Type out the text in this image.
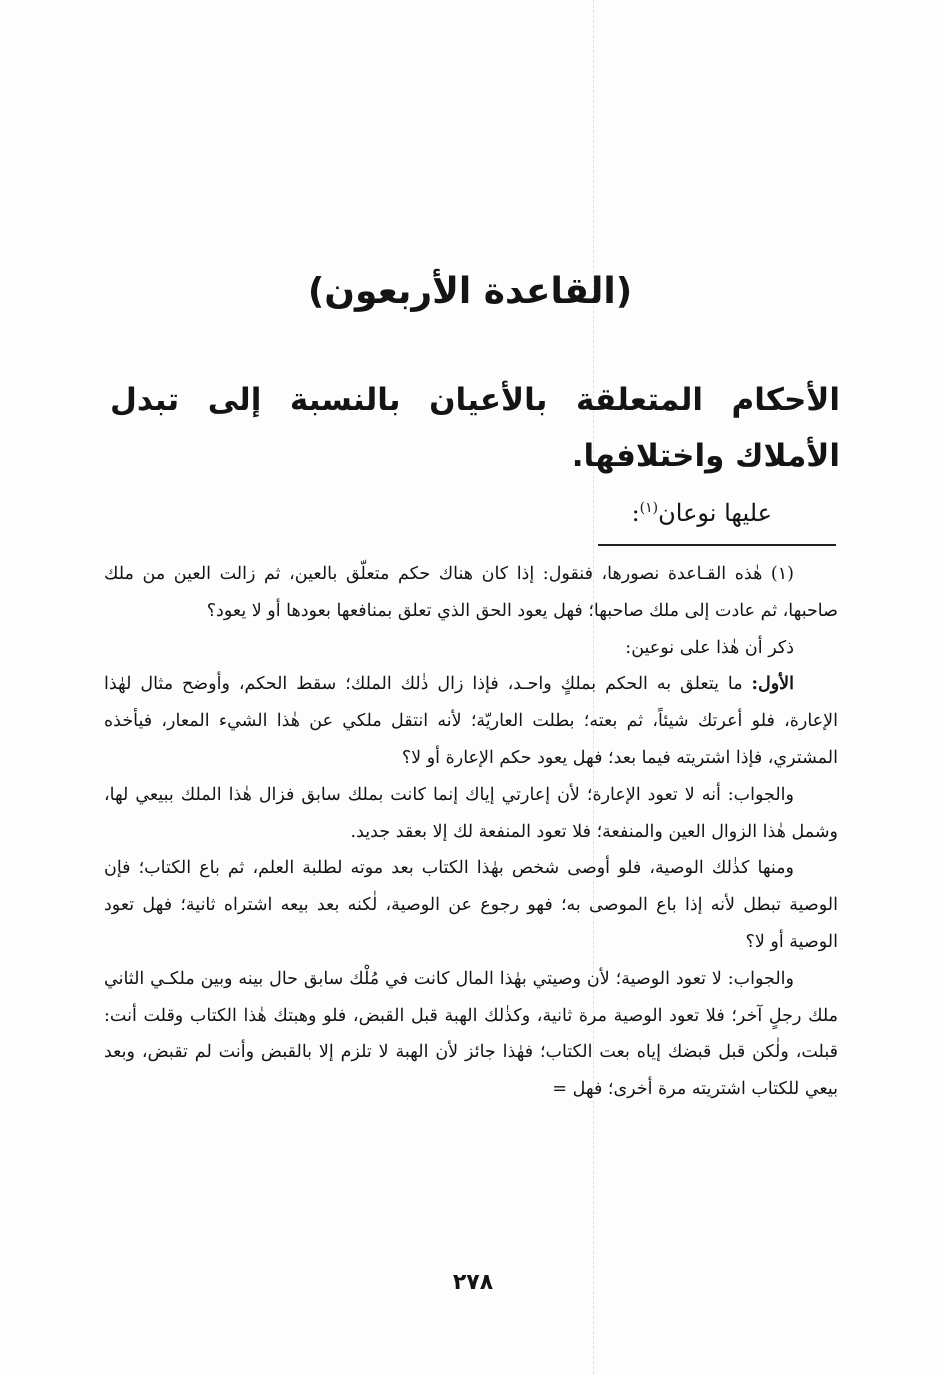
(القاعدة الأربعون)
الأحكام المتعلقة بالأعيان بالنسبة إلى تبدل الأملاك واختلافها.
عليها نوعان$^{(١)}$:

(١) هٰذه القـاعدة نصورها، فنقول: إذا كان هناك حكم متعلّق بالعين، ثم زالت العين من ملك صاحبها، ثم عادت إلى ملك صاحبها؛ فهل يعود الحق الذي تعلق بمنافعها بعودها أو لا يعود؟

ذكر أن هٰذا على نوعين:

الأول: ما يتعلق به الحكم بملكٍ واحـد، فإذا زال ذٰلك الملك؛ سقط الحكم، وأوضح مثال لهٰذا الإعارة، فلو أعرتك شيئاً، ثم بعته؛ بطلت العاريّة؛ لأنه انتقل ملكي عن هٰذا الشيء المعار، فيأخذه المشتري، فإذا اشتريته فيما بعد؛ فهل يعود حكم الإعارة أو لا؟

والجواب: أنه لا تعود الإعارة؛ لأن إعارتي إياك إنما كانت بملك سابق فزال هٰذا الملك ببيعي لها، وشمل هٰذا الزوال العين والمنفعة؛ فلا تعود المنفعة لك إلا بعقد جديد.

ومنها كذٰلك الوصية، فلو أوصى شخص بهٰذا الكتاب بعد موته لطلبة العلم، ثم باع الكتاب؛ فإن الوصية تبطل لأنه إذا باع الموصى به؛ فهو رجوع عن الوصية، لٰكنه بعد بيعه اشتراه ثانية؛ فهل تعود الوصية أو لا؟

والجواب: لا تعود الوصية؛ لأن وصيتي بهٰذا المال كانت في مُلْك سابق حال بينه وبين ملكـي الثاني ملك رجلٍ آخر؛ فلا تعود الوصية مرة ثانية، وكذٰلك الهبة قبل القبض، فلو وهبتك هٰذا الكتاب وقلت أنت: قبلت، ولٰكن قبل قبضك إياه بعت الكتاب؛ فهٰذا جائز لأن الهبة لا تلزم إلا بالقبض وأنت لم تقبض، وبعد بيعي للكتاب اشتريته مرة أخرى؛ فهل =

٢٧٨
